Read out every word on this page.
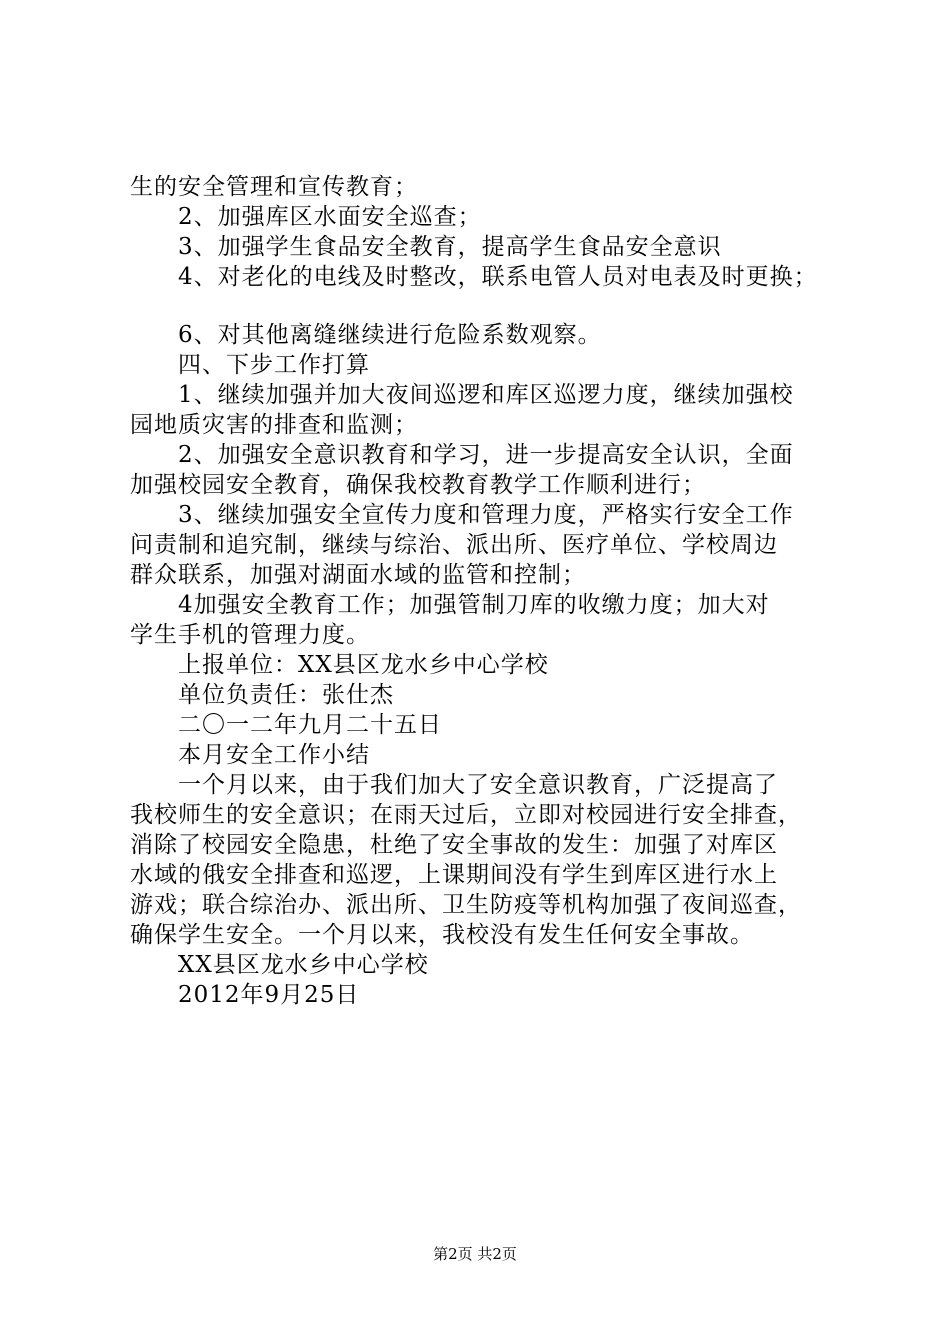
生的安全管理和宣传教育；
2、加强库区水面安全巡查；
3、加强学生食品安全教育，提高学生食品安全意识
4、对老化的电线及时整改，联系电管人员对电表及时更换；
6、对其他离缝继续进行危险系数观察。
四、下步工作打算
1、继续加强并加大夜间巡逻和库区巡逻力度，继续加强校
园地质灾害的排查和监测；
2、加强安全意识教育和学习，进一步提高安全认识，全面
加强校园安全教育，确保我校教育教学工作顺利进行；
3、继续加强安全宣传力度和管理力度，严格实行安全工作
问责制和追究制，继续与综治、派出所、医疗单位、学校周边
群众联系，加强对湖面水域的监管和控制；
4加强安全教育工作；加强管制刀库的收缴力度；加大对
学生手机的管理力度。
上报单位：XX县区龙水乡中心学校
单位负责任：张仕杰
二〇一二年九月二十五日
本月安全工作小结
一个月以来，由于我们加大了安全意识教育，广泛提高了
我校师生的安全意识；在雨天过后，立即对校园进行安全排查，
消除了校园安全隐患，杜绝了安全事故的发生：加强了对库区
水域的俄安全排查和巡逻，上课期间没有学生到库区进行水上
游戏；联合综治办、派出所、卫生防疫等机构加强了夜间巡查，
确保学生安全。一个月以来，我校没有发生任何安全事故。
XX县区龙水乡中心学校
2012年9月25日
第2页 共2页
